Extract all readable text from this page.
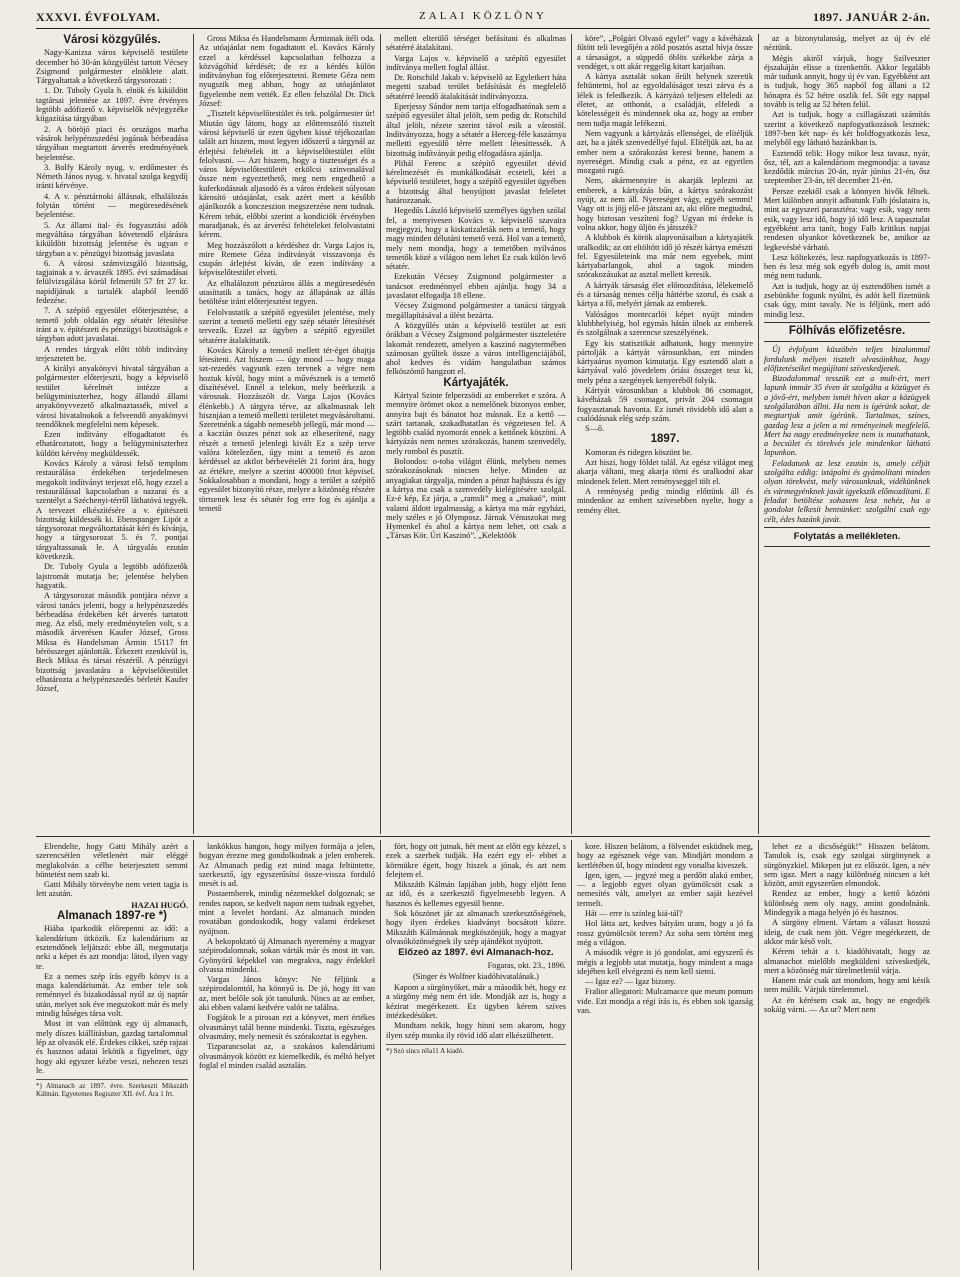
XXXVI. ÉVFOLYAM.	ZALAI KÖZLÖNY	1897. JANUÁR 2-án.
Városi közgyűlés.

Nagy-Kanizsa város képviselő testülete december hó 30-án közgyűlést tartott Vécsey Zsigmond polgármester elnöklete alatt. Tárgyaltattak a következő tárgysorozati :

1. Dr. Tuboly Gyula h. elnök és kiküldött tagtársai jelentése az 1897. évre érvényes legtöbb adófizető v. képviselők névjegyzéke kiigazítása tárgyában

2. A böröjó piaci és országos marha vásárok helypénzszedési jogának bérbeadása tárgyában megtartott árverés eredményének bejelentése.

3. Bolfy Károly nyug. v. erdőmester és Németh János nyug. v. hivatal szolga kegydíj iránti kérvénye.

4. A v. pénztárnoki állásnak, elhalálozás folytán történt — megüresedésének bejelentése.

5. Az állami ital- és fogyasztási adók megváltása tárgyában követendő eljárásra kiküldött bizottság jelentése és ugyan e tárgyban a v. pénzügyi bizottság javaslata

6. A városi számvizsgáló bizottság, tagjainak a v. árvaszék 1895. évi számadásai felülvizsgálása körül felmerült 57 frt 27 kr. napidíjának a tartalék alapból leendő fedezése.

7. A szépítő egyesület előterjesztése, a temető jobb oldalán egy sétatér létesítése iránt a v. építészeti és pénzügyi bizottságok e tárgyban adott javaslatai.

A rendes tárgyak előtt több inditvány terjesztetett be.

A királyi anyakönyvi hivatal tárgyában a polgármester előterjeszti, hogy a képviselő testület kérelmét intézze a belügyminiszterhez, hogy állandó állami anyakönyvvezető alkalmaztassék, mivel a városi hivatalnokok a felveendő anyakönyvi teendőknek megfelelni nem képesek.

Ezen indítvány elfogadtatott és elhatároztatott, hogy a belügyminiszterhez küldött kérvény megküldessék.

Kovács Károly a városi felső templom restaurálása érdekében terjedelmesen megokolt indítványt terjeszt elő, hogy ezzel a restaurálással kapcsolatban a nazarai és a szentélyt a Széchenyi-térről láthatóvá tegyék. A tervezet elkészítésére a v. építészeti bizottság küldessék ki. Ebenspanger Lipót a tárgysorozat megváltoztatását kéri és kívánja, hogy a tárgysorozat 5. és 7. pontjai tárgyaltassanak le. A tárgyalás ezután következik.

Dr. Tuboly Gyula a legtöbb adófizetők lajstromát mutatja be; jelentése helyben hagyatik.

A tárgysorozat második pontjára nézve a városi tanács jelenti, hogy a helypénzszedés bérbeadása érdekében két árverés tartatott meg. Az első, mely eredménytelen volt, s a második árverésen Kaufer József, Gross Miksa és Handelsman Ármin 15117 frt bérösszeget ajánlották. Érkezett ezenkívül is, Beck Miksa és társai részéről. A pénzügyi bizottság javaslatára a képviselőtestület elhatározta a helypénzszedés bérletét Kaufer József,

Gross Miksa és Handelsmann Árminnak ítéli oda. Az utóajánlat nem fogadtatott el. Kovács Károly ezzel a kérdéssel kapcsolatban felhozza a közvágóhíd kérdését; de ez a kérdés külön indítványban fog előterjesztetni. Remete Géza nem nyugszik meg abban, hogy az utóajánlatot figyelembe nem vették. Ez ellen felszólal Dr. Dick József:

„Tisztelt képviselőtestület és tek. polgármester úr! Miután úgy látom, hogy az előttemszóló tisztelt városi képviselő úr ezen ügyben kissé téjékozatlan talált azt hiszem, most legyen időszerű a tárgynál az érlejtési feltételek itt a képviselőtestület előtt felolvasni. — Azt hiszem, hogy a tisztességet és a város képviselőtestületét erkölcsi szinvonalával össze nem egyeztethető, meg nem engedhető a kuferkodásnak aljasodó és a város érdekeit súlyosan károsító utóajánlat, csak azért mert a később ajánlkozók a konczeszion megszerzése nem tudnak. Kérem tehát, előbbi szerint a kondiciók érvényben maradjanak, és az árverési feltételeket felolvastatni kérem.

Meg hozzászólott a kérdéshez dr. Varga Lajos is, mire Remete Géza indítványát visszavonja és csupán árlejtést kíván, de ezen indítvány a képviselőtestület elveti.

Az elhalálozott pénztáros állás a megüresedésén utasíttatik a tanács, hogy az állapának az állás betöltése iránt előterjesztést tegyen.

Felolvastatik a szépítő egyesület jelentése, mely szerint a temető melletti egy szép sétatér létesítését tervezik. Ezzel az ügyben a szépítő egyesület sétatérre átalakíttatik.

Kovács Károly a temető mellett tér-éget óhajtja létesíteni. Azt hiszem — úgy mond — hogy maga szt-rezedés vagyunk ezen tervnek a végre nem hoztuk kívül, hogy mint a művésznek is a temető díszítésével. Ennél a telekon, mely beérkezik a városnak. Hozzászólt dr. Varga Lajos (Kovács élénkebb.) A tárgyra térve, az alkalmasnak lelt hisznjáan a temető melletti területet megvásároltatni. Szeretnénk a tágabb nemesebb jellegű, már mond — a kaczián összes pénzt sok az elkeserítené, nagy részét a temető jelenlegi kivált Ez a szép terve valóra kötelezően, úgy mint a temető és azon kérdéssel az aktlot bérbevételét 21 forint ára, hogy az értékre, melyre a szerint 400000 frtot képvisel. Sokkalosabban a mondani, hogy a terület a szépítő egyesület bizonyító része, melyre a közönség részére törtsenek lesz és sétatér fog erre fog és ajánlja a temető

mellett elterülő térséget befásítani és alkalmas sétatérré átalakítani.

Varga Lajos v. képviselő a szépítő egyesület indítványa mellett foglal állást.

Dr. Rotschild Jakab v. képviselő az Egyletkert háta megetti szabad terület befásítását és megfelelő sétatérré leendő átalakítását indítványozza.

Eperjessy Sándor nem tartja elfogadhatónak sem a szépítő egyesület által jelölt, sem pedig dr. Rotschild által jelölt, nézete szerint távol esik a várostól. Indítványozza, hogy a sétatér a Herceg-féle kaszárnya melletti egyesülő térre mellett létesíttessék. A bizottság indítványát pedig elfogadásra ajánlja.

Plihál Ferenc a szépítő egyesület dévid kérelmezését és munkálkodását ecseteli, kéri a képviselő testületet, hogy a szépítő egyesület ügyében a bizottság által benyújtott javaslat feleletet határozzanak.

Hegedűs László képviselő személyes ügyben szólal fel, a menyivesen Kovács v. képviselő szavaira megjegyzi, hogy a kiskatizaleták nem a temető, hogy magy minden délutáni temető vezá. Hol van a temető, mely nem mondja, hogy a temetőben nyilvános temetők közé a világon nem lehet Ez csak külön levő sétatér.

Ezekután Vécsey Zsigmond polgármester a tanácsot eredménnyel ebben ajánlja. hogy 34 a javaslatot elfogadja 18 ellene.

Vécsey Zsigmond polgármester a tanácsi tárgyak megállapításával a ülést bezárta.

A közgyűlés után a képviselő testület az esti órákban a Vécsey Zsigmond polgármester tiszteletére lakomát rendezett, amelyen a kaszinó nagytermében számosan gyűltek össze a város intelligenciájából, ahol kedves és vidám hangulatban számos felköszöntő hangzott el.

Kártyajáték.

Kártyal Szinte felperzsödi az embereket e szóra. A mennyire örömet okoz a nemelőnek bizonyos ember, annyira bajt és bánatot hoz másnak. Ez a kettő — szárt tartanak, szakadhatatlan és végzetesen fel. A legtöbb család nyomorát ennek a kettőnek köszöni. A kártyázás nem nemes szórakozás, hanem szenvedély, mely rombol és pusztít.

Bolondos: o-toba világot élünk, melyben nemes szórakozásoknak nincsen helye. Minden az anyagiakat tárgyalja, minden a pénzt hajhássza és így a kártya ma csak a szenvedély kielégítésére szolgál. Ez-é kép, Ez járja, a „ramsli” meg a „makaó”, mint valami áldott irgalmasság, a kártya ma már egyházi, mely széles e jó Olymposz. Járnak Vénuszokat meg Hymenkel és ahol a kártya nem lehet, ott csak a „Társas Kör. Úri Kaszinó”, „Kelektöök

köre”, „Polgári Olvasó egylet” vagy a kávéházak fűtött teli levegőjén a zöld posztós asztal hívja össze a társaságot, a süppedő öblös székekbe zárja a vendéget, s ott akár reggelig kitart karjaiban.

A kártya asztalát sokan őrült helynek szeretik feltüntetni, hol az egyoldalúságot teszi zárva és a lélek is feledkezik. A kártyázó teljesen elfeledi az életet, az otthonát, a családját, elfeledi a kötelességeit és mindennek oka az, hogy az ember nem tudja magát lefékezni.

Nem vagyunk a kártyázás ellenségei, de elítéljük azt, ha a játék szenvedéllyé fajul. Elítéljük azt, ha az ember nem a szórakozást keresi benne, hanem a nyereséget. Mindig csak a pénz, ez az egyetlen mozgató rugó.

Nem, akármennyire is akarják leplezni az emberek, a kártyázás bűn, a kártya szórakozást nyújt, az nem áll. Nyereséget vágy, egyéb semmi! Vagy ott is jöjj elő-e játszani az, aki előre megtudná, hogy biztosan veszíteni fog? Ugyan mi érdeke is volna akkor, hogy üljön és játsszék?

A klubbok és körök alapvonásaiban a kártyajáték uralkodik; az ott eltöltött idő jó részét kártya emészti fel. Egyesületeink ma már nem egyebek, mint kártyabarlangok, ahol a tagok minden szórakozásukat az asztal mellett keresik.

A kártyák társaság élet előmozdítása, lélekemelő és a társaság nemes célja háttérbe szorul, és csak a kártya a fő, melyért járnak az emberek.

Valóságos montecarlói képet nyújt minden klubbhelyiség, hol egymás hátán ülnek az emberek és szolgálnak a szerencse szeszélyének.

Egy kis statisztikát adhatunk, hogy mennyire pártolják a kártyát városunkban, ezt minden kártyaárus nyomon kimutatja. Egy esztendő alatt a kártyával való jövedelem óriási összeget tesz ki, mely pénz a szegények kenyeréből folyik.

Kártyát városunkban a klubbok 86 csomagot, kávéházak 59 csomagot, privát 204 csomagot fogyasztanak havonta. Ez ismét rövidebb idő alatt a csalódásnak elég szép szám.

S—ő.

1897.

Komoran és ridegen köszönt be.

Azt hiszi, hogy földet talál. Az egész világot meg akarja váltani, meg akarja törni és uralkodni akar mindenek felett. Mert reményseggel tölt el.

A reménység pedig mindig előttünk áll és mindenkor az embert szívesebben nyelte, hogy a remény éltet.

az a bizonytalanság, melyet az új év elé néztünk.

Mégis akiről várjuk, hogy Szilveszter éjszakáján elisse a tizenkettőt. Akkor legalább már tudunk annyit, hogy új év van. Egyébként azt is tudjuk, hogy 365 napból fog állani a 12 hónapra és 52 hétre oszlik fel. Sőt egy nappal tovább is telig az 52 héten felül.

Azt is tudjuk, hogy a csillagászati számítás szerint a következő napfogyatkozások lesznek: 1897-ben két nap- és két holdfogyatkozás lesz, melyből egy látható hazánkban is.

Esztendő telik: Hogy mikor lesz tavasz, nyár, ősz, tél, azt a kalendáriom megmondja: a tavasz kezdődik március 20-án, nyár június 21-én, ősz szeptember 23-án, tél december 21-én.

Persze ezektől csak a könnyen hivők félnek. Mert különben annyit adbatunk Falb jóslataira is, mint az egyszeri parasztéra: vagy esik, vagy nem esik, vagy lesz idő, hogy jó idő lesz. A tapasztalat egyébként arra tanít, hogy Falb kritikus napjai rendesen olyankor következnek be, amikor az legkevésbé várható.

Lesz költekezés, lesz napfogyatkozás is 1897-ben és lesz még sok egyéb dolog is, amit most még nem tudunk.

Azt is tudjuk, hogy az új esztendőben ismét a zsebünkbe fogunk nyúlni, és adót kell fizetnünk csak úgy, mint tavaly. Ne is féljünk, mert adó mindig lesz.

Fölhívás előfizetésre.

Új évfolyam küszöbén teljes bizalommal fordulunk mélyen tisztelt olvasóinkhoz, hogy előfizetéseiket megújítani szíveskedjenek.

Bizodalommal tesszük ezt a mult-ért, mert lapunk immár 35 éven át szolgálta a közügyet és a jövő-ért, melyben ismét híven akar a közügyek szolgálatában állni. Ha nem is ígérünk sokat, de megtartjuk amit ígérünk. Tartalmas, színes, gazdag lesz a jelen a mi reményeinek megfelelő. Mert ha nagy eredményekre nem is mutathatunk, a becsület és törekvés jele mindenkor látható lapunkon.

Feladatunk az lesz ezután is, amely célját szolgálta eddig: istápolni és gyámolítani minden olyan törekvést, mely városunknak, vidékünknek és vármegyénknek javát igyekszik előmozdítani. E feladat betöltése sohasem lesz nehéz, ha a gondolat lelkesít bennünket: szolgálni csak egy célt, édes hazánk javát.

Folytatás a mellékleten.

Elrendelte, hogy Gatti Mihály azért a szerencsétlen véletlenért már eléggé meglakolván a célbe beterjesztett semmi büntetést nem szab ki.

Gatti Mihály törvénybe nem vetett tagja is lett azután.

HAZAI HUGÓ.
Almanach 1897-re *)

Híába iparkodik előrepenni az idő: a kalendárium ütközik. Ez kalendárium az esztendőnek leljátszó: ebbe áll, megmutatja neki a képet és azt mondja: látod, ilyen vagy te.

Ez a nemes szép írás egyéb könyv is a maga kalendáriumát. Az ember tele sok reménnyel és bizakodással nyúl az új naptár után, melyet sok éve megszokott már és mely mindig hűséges társa volt.

Most itt van előttünk egy új almanach, mely díszes kiállításban, gazdag tartalommal lép az olvasók elé. Érdekes cikkei, szép rajzai és hasznos adatai lekötik a figyelmet, úgy hogy aki egyszer kézbe veszi, nehezen teszi le.

*) Almanach az 1897. évre. Szerkeszti Mikszáth Kálmán. Egyetemes Regiszter XII. évf. Ára 1 frt.

lankókkus hangon, hogy milyen formája a jelen, hogyan érezne meg gondolkodnak a jelen emberek. Az Almanach pedig ezt mind maga feltüntette, szerkesztő, így egyszerűsítsi össze-vissza forduló mesét is ad.

Postaemberek, mindig nézemekkel dolgoznak; se rendes napon, se kedvelt napon nem tudnak egyebet, mint a levelet hordani. Az almanach minden rovatában gondoskodik, hogy valami érdekeset nyújtson.

A bekopoktató új Almanach nyeremény a magyar szépirodalomnak, sokan várták már és most itt van. Gyönyörű képekkel van megrakva, nagy érdekkel olvassa mindenki.

Vargas János könyv: Ne féljünk a szépirodalomtól, ha könnyű is. De jó, hogy itt van az, mert belőle sok jót tanulunk. Nincs az az ember, aki ebben valami kedvére valót ne találna.

Fogjátok le a pirosan ezt a könyvet, mert értékes olvasmányt talál benne mindenki. Tiszta, egészséges olvasmány, mely nemesít és szórakoztat is egyben.

Tizparancsolat az, a szokásos kalendáriumi olvasmányok között ez kiemelkedik, és méltó helyet foglal el minden család asztalán.

fórt, hogy ott jutnak, hét ment az előtt egy kézzel, s ezek a szerbek tudják. Ha ezért egy el- ebbet a körmükre égett, hogy hiszek a jónak, és azt nem felejtem el.

Mikszáth Kálmán lapjában jobb, hogy eljött fenn az idő, és a szerkesztő figyelmesebb legyen. A hasznos és kellemes egyesül benne.

Sok köszönet jár az almanach szerkesztőségének, hogy ilyen érdekes kiadványt bocsátott közre. Mikszáth Kálmánnak megköszönjük, hogy a magyar olvasóközönségnek ily szép ajándékot nyújtott.

Előzeó az 1897. évi Almanach-hoz.

Fogaras, okt. 23., 1896.

(Singer és Wolfner kiadóhivatalának.)

Kapom a sürgönyöket, már a második hét, hogy ez a sürgöny még nem ért ide. Mondják azt is, hogy a kézirat megérkezett. Ez ügyben kérem szíves intézkedésüket.

Mondtam nekik, hogy hinni sem akarom, hogy ilyen szép munka ily rövid idő alatt elkészülhetett.

*) Szó sincs réla11 A kiadó.

kore. Hiszen belátom, a fölvendet esküdnek meg, hogy az egésznek vége van. Mindjárt mondom a kertlétében ül, hogy mindent egy vonalba kiveszek.

Igen, igen, — jegyzé meg a perdőtt alakú ember, — a legjobb egyet olyan gyümölcsöt csak a nemesítés vált, amelyet az ember saját kezével termelt.

Hát — erre is színleg kiá-tál?

Hol látta azt, kedves bátyám uram, hogy a jó fa rossz gyümölcsöt terem? Az soha sem történt meg még a világon.

A második végre is jó gondolat, ami egyszerű és mégis a legjobb utat mutatja, hogy mindent a maga idejében kell elvégezni és nem kell sietni.

— Igaz ez? — Igaz bizony.

Fralior allegatori: Mulcamacce que meum pomum vide. Ezt mondja a régi írás is, és ebben sok igazság van.

lehet ez a dicsőségük!” Hisszen belátom. Tanulok is, csak egy szolgai sürgönynek a sürgönyzkiel. Mikepen jut ez előszót. Igen, a név sem igaz. Mert a nagy különbség nincsen a két között, amit egyszerűen elmondok.

Rendez az ember, hogy a kettő közötti különbség nem oly nagy, amint gondolnánk. Mindegyik a maga helyén jó és hasznos.

A sürgöny elment. Vártam a választ hosszú ideig, de csak nem jött. Végre megérkezett, de akkor már késő volt.

Kérem tehát a t. kiadóhivatalt, hogy az almanachot mielőbb megküldeni szíveskedjék, mert a közönség már türelmetlenül várja.

Hanem már csak azt mondom, hogy ami késik nem múlik. Várjuk türelemmel.

Az én kérésem csak az, hogy ne engedjék sokáig várni. — Az ur? Mert nem
